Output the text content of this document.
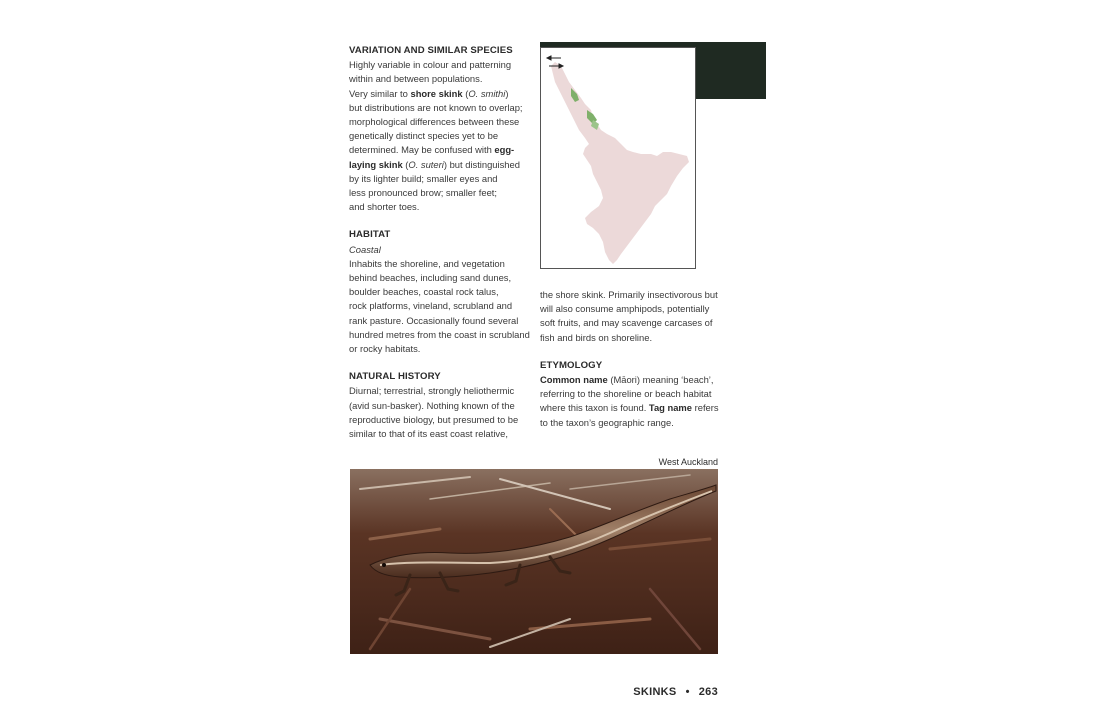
VARIATION AND SIMILAR SPECIES
Highly variable in colour and patterning
within and between populations.
Very similar to shore skink (O. smithi)
but distributions are not known to overlap;
morphological differences between these
genetically distinct species yet to be
determined. May be confused with egg-
laying skink (O. suteri) but distinguished
by its lighter build; smaller eyes and
less pronounced brow; smaller feet;
and shorter toes.
HABITAT
Coastal
Inhabits the shoreline, and vegetation
behind beaches, including sand dunes,
boulder beaches, coastal rock talus,
rock platforms, vineland, scrubland and
rank pasture. Occasionally found several
hundred metres from the coast in scrubland
or rocky habitats.
NATURAL HISTORY
Diurnal; terrestrial, strongly heliothermic
(avid sun-basker). Nothing known of the
reproductive biology, but presumed to be
similar to that of its east coast relative,
the shore skink. Primarily insectivorous but
will also consume amphipods, potentially
soft fruits, and may scavenge carcases of
fish and birds on shoreline.
ETYMOLOGY
Common name (Māori) meaning ‘beach’,
referring to the shoreline or beach habitat
where this taxon is found. Tag name refers
to the taxon’s geographic range.
West Auckland
SKINKS • 263
